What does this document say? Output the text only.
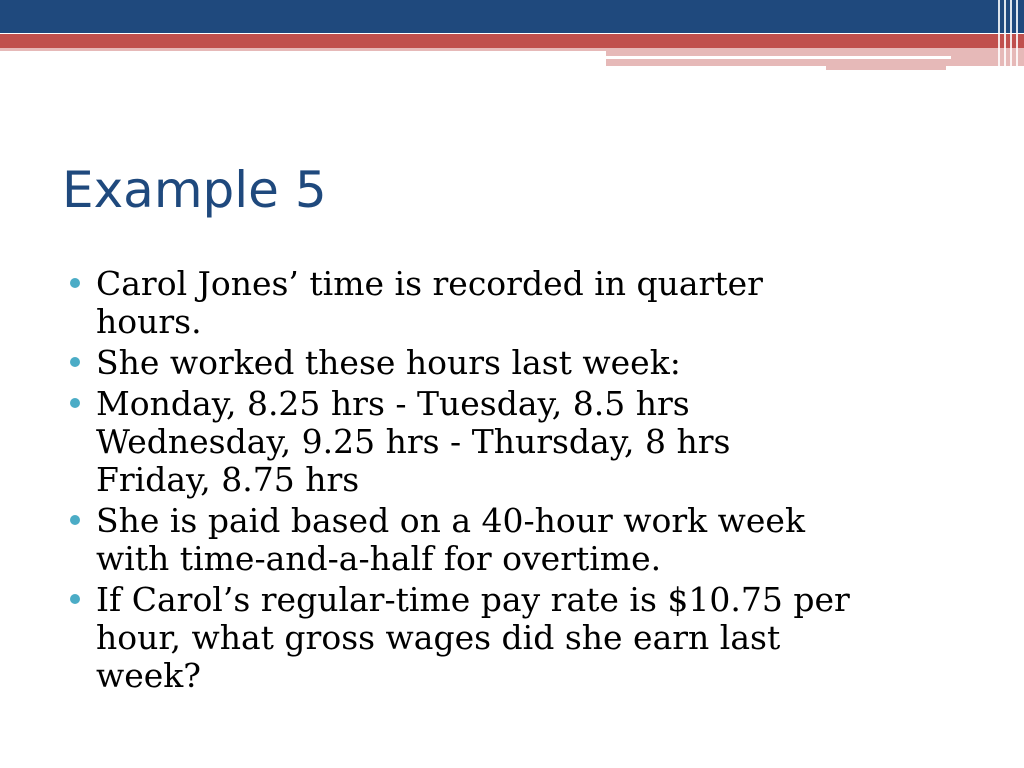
Example 5
Carol Jones’ time is recorded in quarter
hours.
She worked these hours last week:
Monday, 8.25 hrs - Tuesday, 8.5 hrs
Wednesday, 9.25 hrs - Thursday, 8 hrs
Friday, 8.75 hrs
She is paid based on a 40-hour work week
with time-and-a-half for overtime.
If Carol’s regular-time pay rate is $10.75 per
hour, what gross wages did she earn last
week?
